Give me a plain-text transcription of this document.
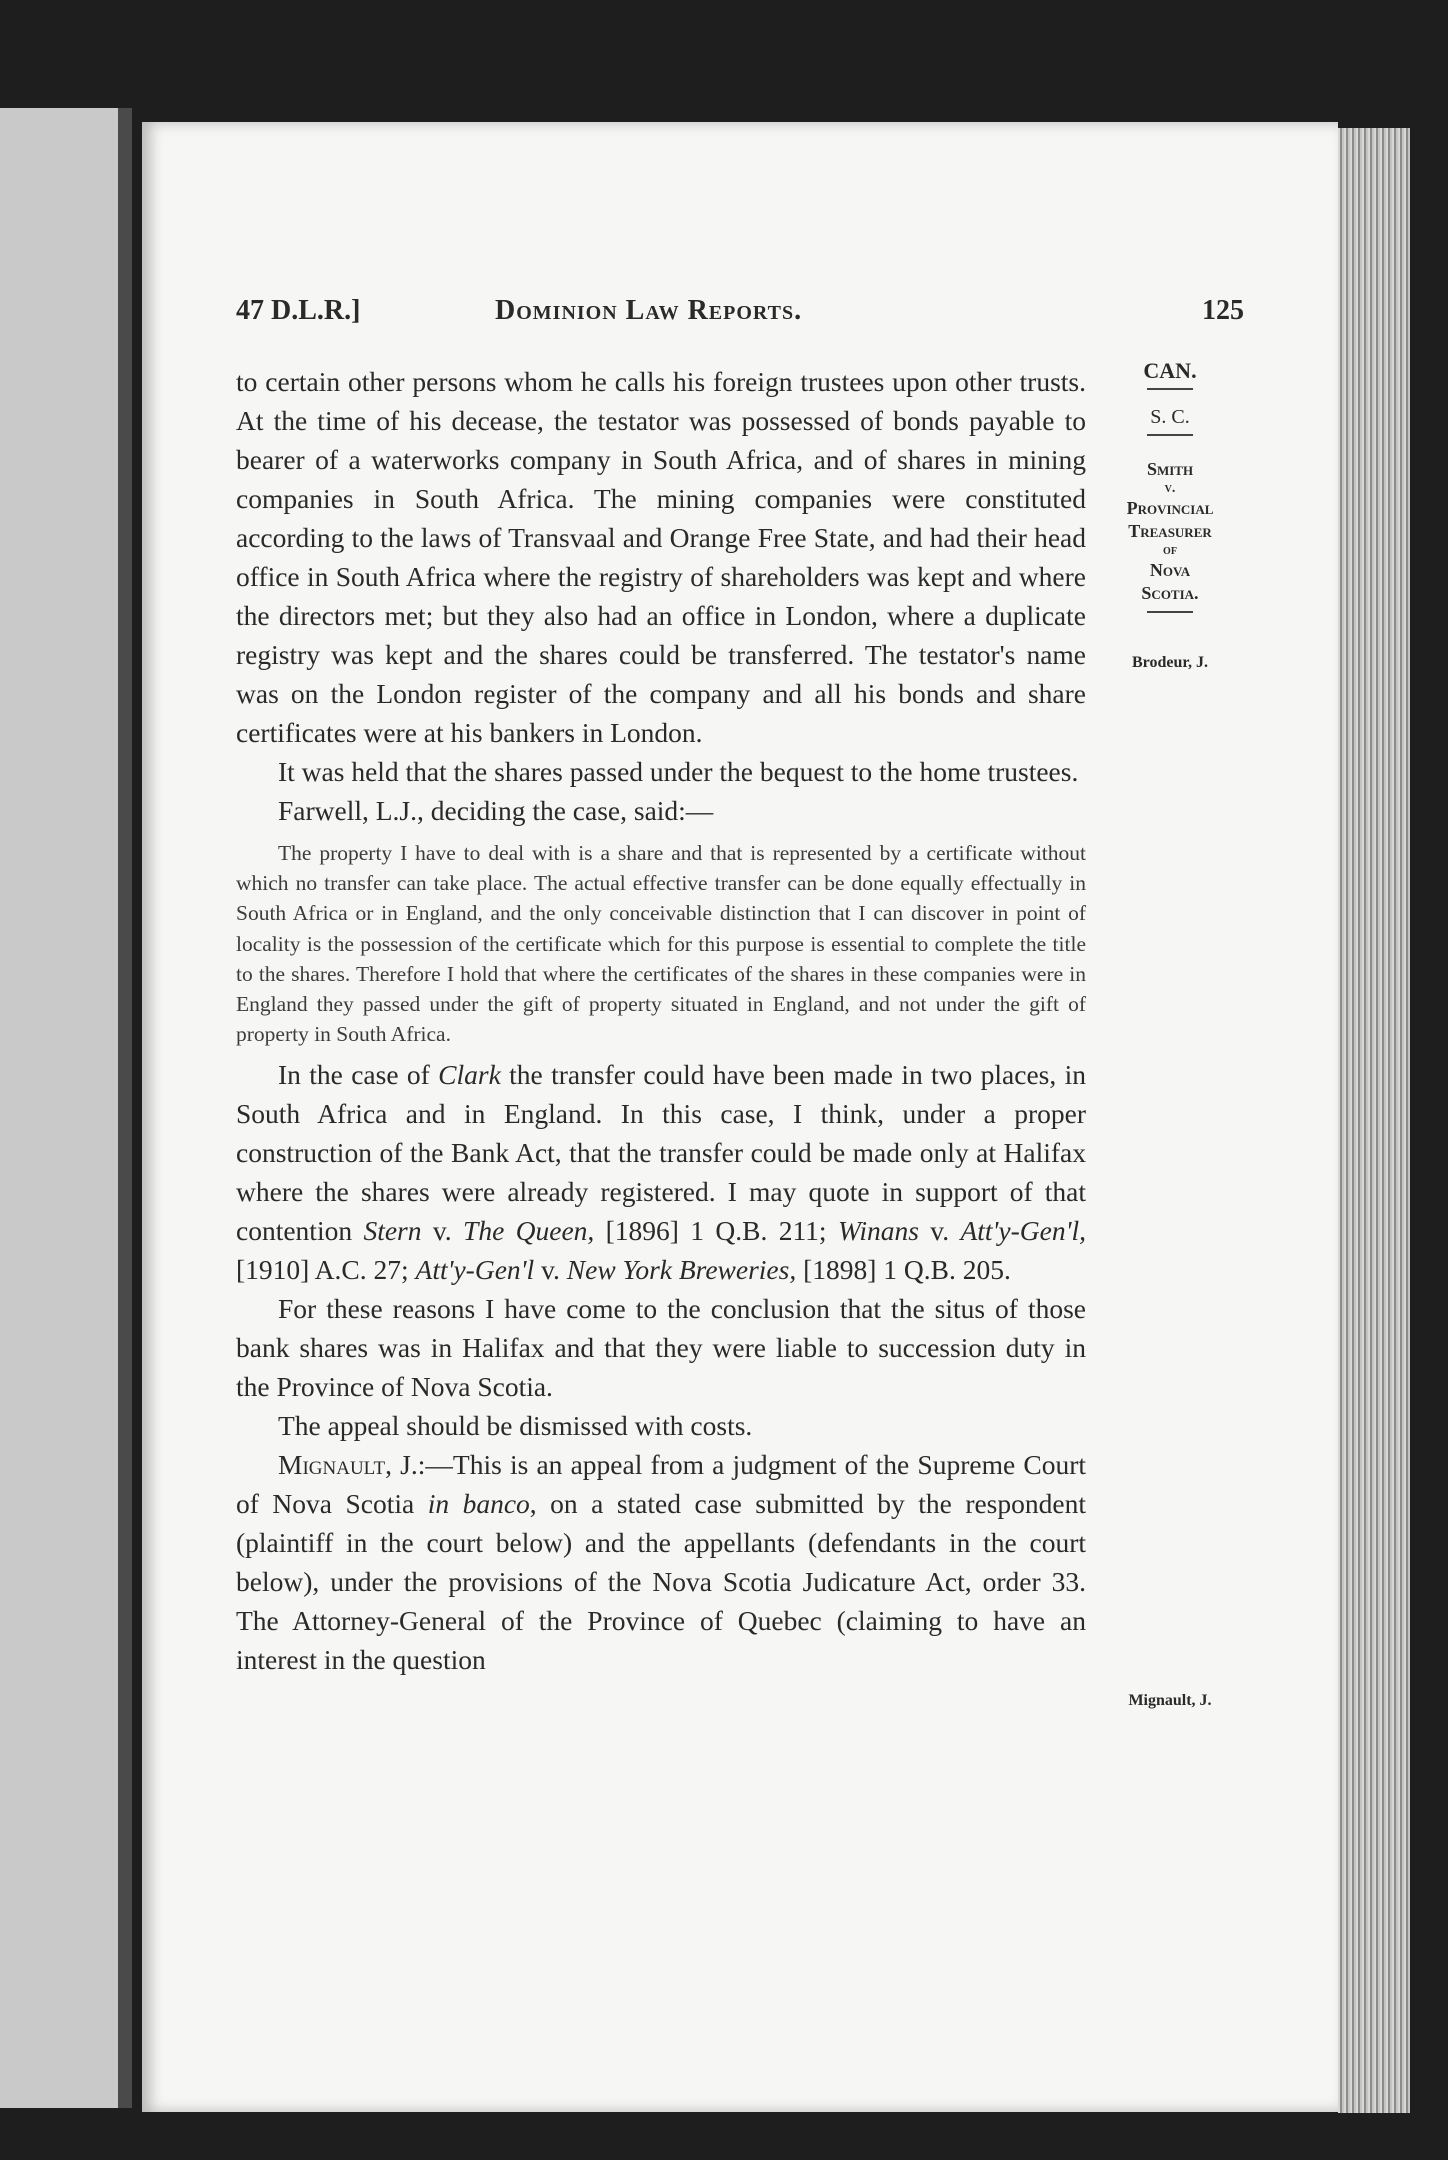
47 D.L.R.]	Dominion Law Reports.	125
CAN.
S. C.
Smith
v.
Provincial
Treasurer
of
Nova
Scotia.
Brodeur, J.
Mignault, J.

to certain other persons whom he calls his foreign trustees upon other trusts. At the time of his decease, the testator was possessed of bonds payable to bearer of a waterworks company in South Africa, and of shares in mining companies in South Africa. The mining companies were constituted according to the laws of Transvaal and Orange Free State, and had their head office in South Africa where the registry of shareholders was kept and where the directors met; but they also had an office in London, where a duplicate registry was kept and the shares could be transferred. The testator's name was on the London register of the company and all his bonds and share certificates were at his bankers in London.

It was held that the shares passed under the bequest to the home trustees.

Farwell, L.J., deciding the case, said:—

The property I have to deal with is a share and that is represented by a certificate without which no transfer can take place. The actual effective transfer can be done equally effectually in South Africa or in England, and the only conceivable distinction that I can discover in point of locality is the possession of the certificate which for this purpose is essential to complete the title to the shares. Therefore I hold that where the certificates of the shares in these companies were in England they passed under the gift of property situated in England, and not under the gift of property in South Africa.

In the case of Clark the transfer could have been made in two places, in South Africa and in England. In this case, I think, under a proper construction of the Bank Act, that the transfer could be made only at Halifax where the shares were already registered. I may quote in support of that contention Stern v. The Queen, [1896] 1 Q.B. 211; Winans v. Att'y-Gen'l, [1910] A.C. 27; Att'y-Gen'l v. New York Breweries, [1898] 1 Q.B. 205.

For these reasons I have come to the conclusion that the situs of those bank shares was in Halifax and that they were liable to succession duty in the Province of Nova Scotia.

The appeal should be dismissed with costs.

Mignault, J.:—This is an appeal from a judgment of the Supreme Court of Nova Scotia in banco, on a stated case submitted by the respondent (plaintiff in the court below) and the appellants (defendants in the court below), under the provisions of the Nova Scotia Judicature Act, order 33. The Attorney-General of the Province of Quebec (claiming to have an interest in the question
